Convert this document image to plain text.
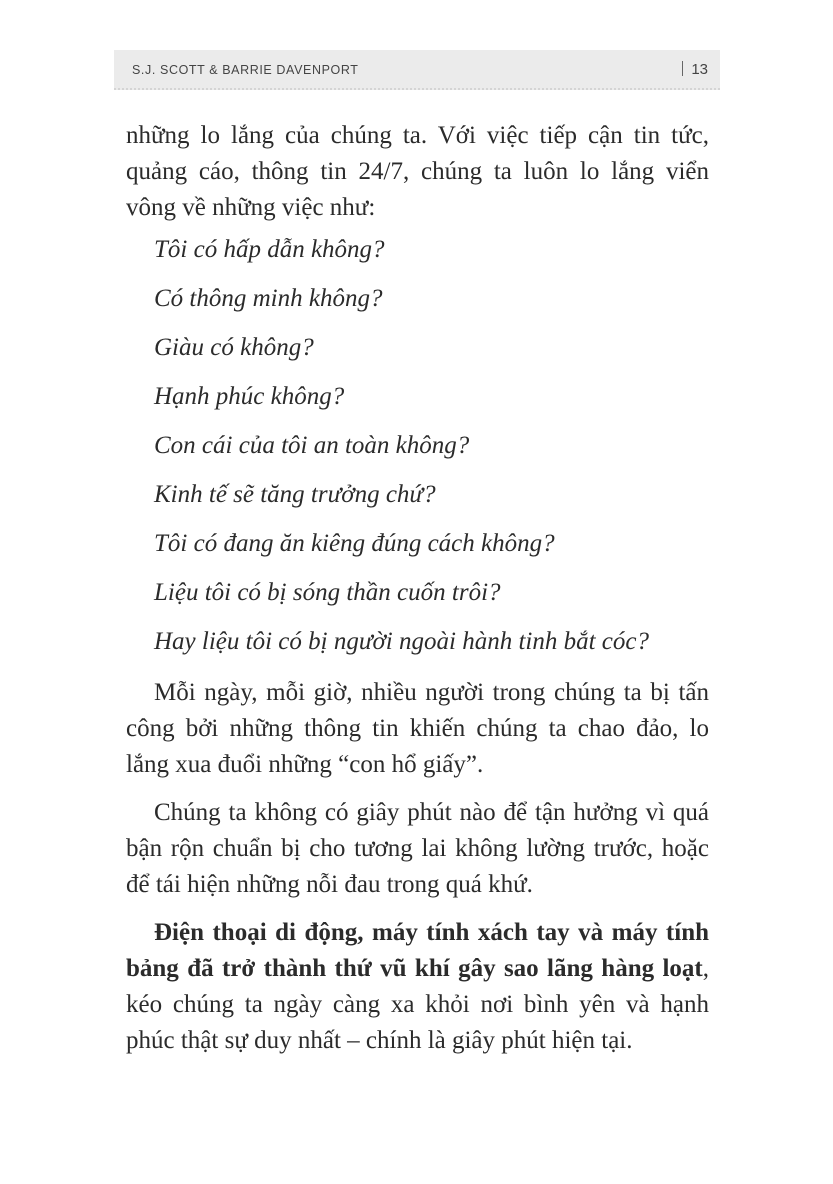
S.J. SCOTT & BARRIE DAVENPORT	13

những lo lắng của chúng ta. Với việc tiếp cận tin tức, quảng cáo, thông tin 24/7, chúng ta luôn lo lắng viển vông về những việc như:

Tôi có hấp dẫn không?
Có thông minh không?
Giàu có không?
Hạnh phúc không?
Con cái của tôi an toàn không?
Kinh tế sẽ tăng trưởng chứ?
Tôi có đang ăn kiêng đúng cách không?
Liệu tôi có bị sóng thần cuốn trôi?
Hay liệu tôi có bị người ngoài hành tinh bắt cóc?

Mỗi ngày, mỗi giờ, nhiều người trong chúng ta bị tấn công bởi những thông tin khiến chúng ta chao đảo, lo lắng xua đuổi những “con hổ giấy”.

Chúng ta không có giây phút nào để tận hưởng vì quá bận rộn chuẩn bị cho tương lai không lường trước, hoặc để tái hiện những nỗi đau trong quá khứ.

Điện thoại di động, máy tính xách tay và máy tính bảng đã trở thành thứ vũ khí gây sao lãng hàng loạt, kéo chúng ta ngày càng xa khỏi nơi bình yên và hạnh phúc thật sự duy nhất – chính là giây phút hiện tại.
